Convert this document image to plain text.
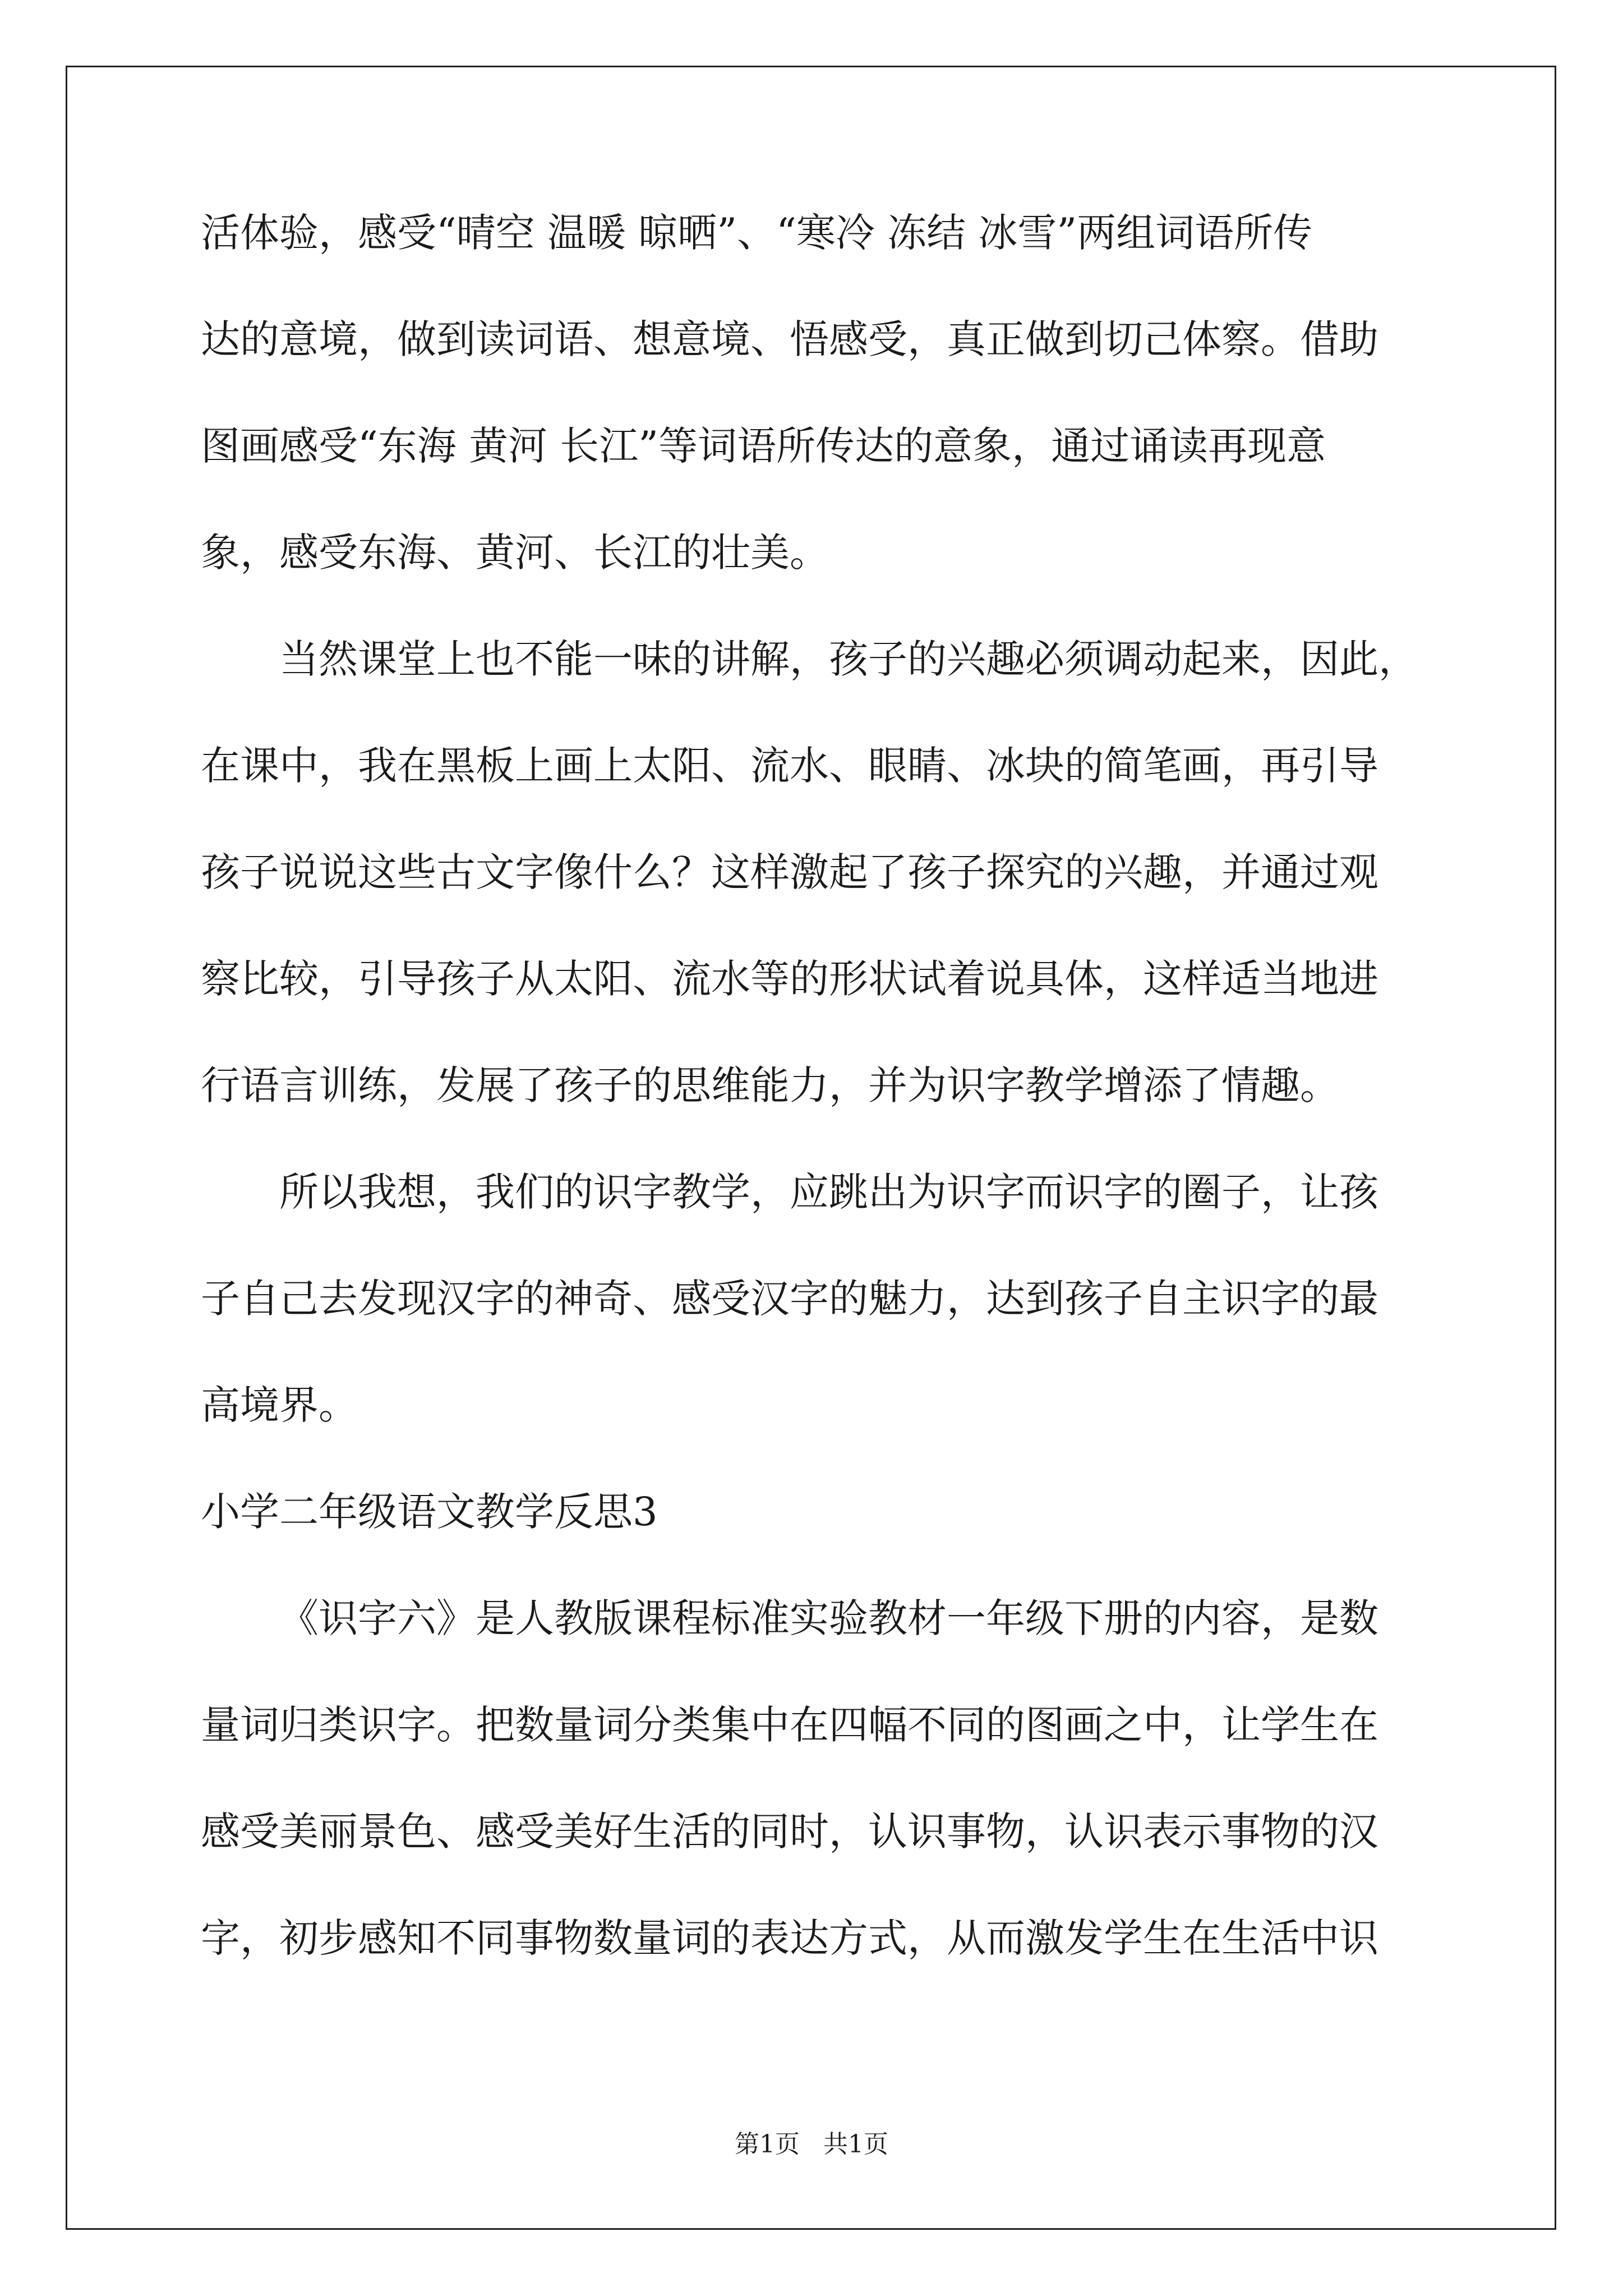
活体验，感受“晴空 温暖 晾晒”、“寒冷 冻结 冰雪”两组词语所传
达的意境，做到读词语、想意境、悟感受，真正做到切己体察。借助
图画感受“东海 黄河 长江”等词语所传达的意象，通过诵读再现意
象，感受东海、黄河、长江的壮美。
当然课堂上也不能一味的讲解，孩子的兴趣必须调动起来，因此，
在课中，我在黑板上画上太阳、流水、眼睛、冰块的简笔画，再引导
孩子说说这些古文字像什么？这样激起了孩子探究的兴趣，并通过观
察比较，引导孩子从太阳、流水等的形状试着说具体，这样适当地进
行语言训练，发展了孩子的思维能力，并为识字教学增添了情趣。
所以我想，我们的识字教学，应跳出为识字而识字的圈子，让孩
子自己去发现汉字的神奇、感受汉字的魅力，达到孩子自主识字的最
高境界。
小学二年级语文教学反思3
《识字六》是人教版课程标准实验教材一年级下册的内容，是数
量词归类识字。把数量词分类集中在四幅不同的图画之中，让学生在
感受美丽景色、感受美好生活的同时，认识事物，认识表示事物的汉
字，初步感知不同事物数量词的表达方式，从而激发学生在生活中识
第1页 共1页
